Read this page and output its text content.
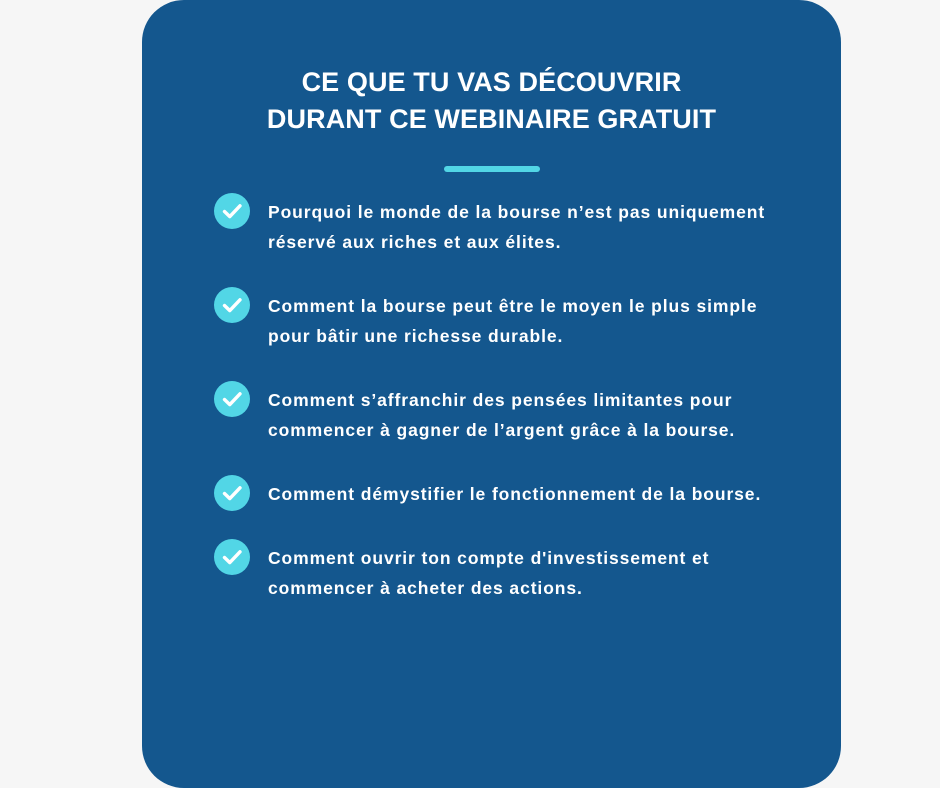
CE QUE TU VAS DÉCOUVRIR
DURANT CE WEBINAIRE GRATUIT
Pourquoi le monde de la bourse n’est pas uniquement réservé aux riches et aux élites.
Comment la bourse peut être le moyen le plus simple pour bâtir une richesse durable.
Comment s’affranchir des pensées limitantes pour commencer à gagner de l’argent grâce à la bourse.
Comment démystifier le fonctionnement de la bourse.
Comment ouvrir ton compte d'investissement et commencer à acheter des actions.
